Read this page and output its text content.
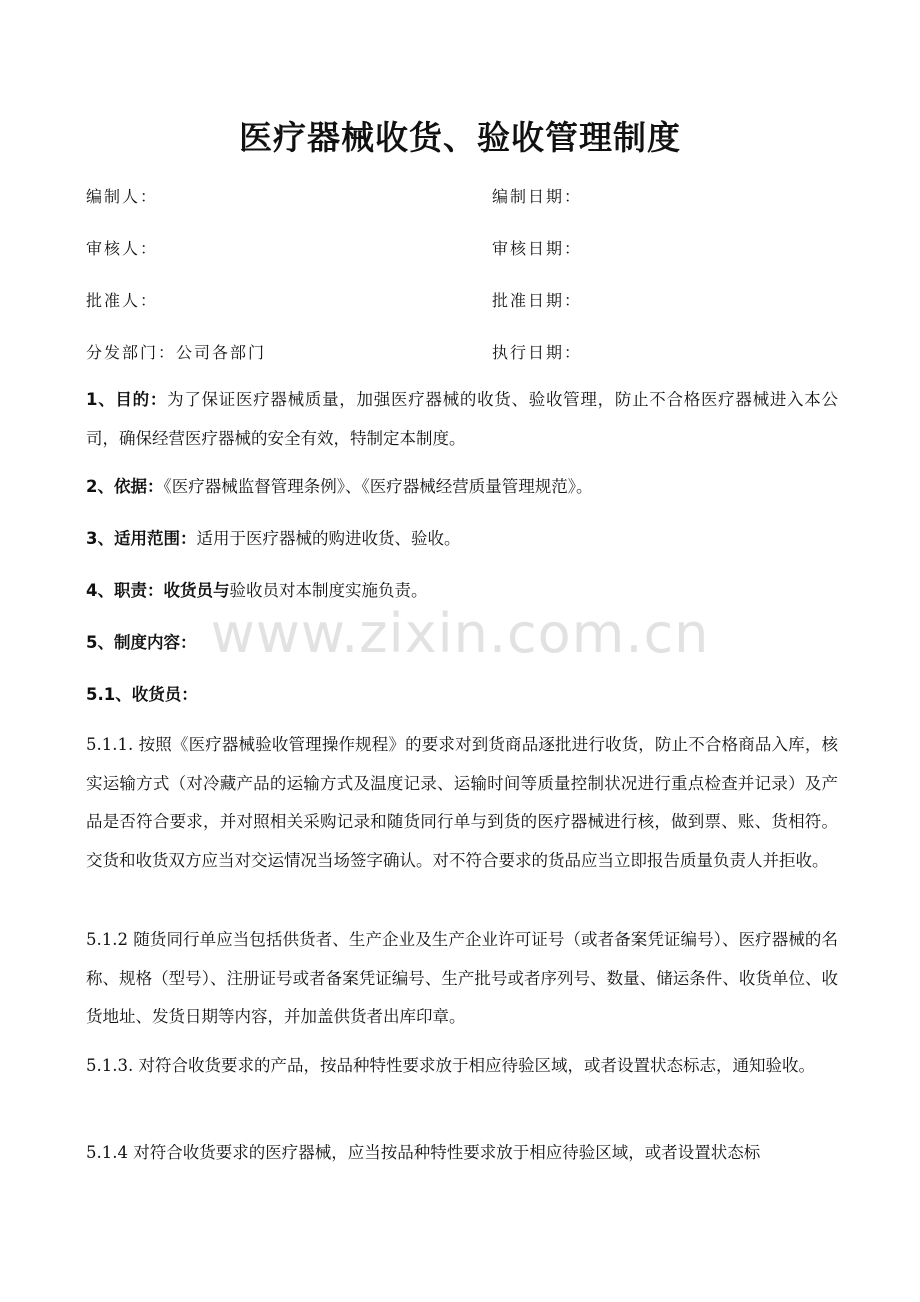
医疗器械收货、验收管理制度
编制人：	编制日期：
审核人：	审核日期：
批准人：	批准日期：
分发部门：公司各部门	执行日期：

1、目的：为了保证医疗器械质量，加强医疗器械的收货、验收管理，防止不合格医疗器械进入本公司，确保经营医疗器械的安全有效，特制定本制度。

2、依据：《医疗器械监督管理条例》、《医疗器械经营质量管理规范》。

3、适用范围：适用于医疗器械的购进收货、验收。

4、职责：收货员与验收员对本制度实施负责。

5、制度内容：

5.1、收货员：

5.1.1. 按照《医疗器械验收管理操作规程》的要求对到货商品逐批进行收货，防止不合格商品入库，核实运输方式（对冷藏产品的运输方式及温度记录、运输时间等质量控制状况进行重点检查并记录）及产品是否符合要求，并对照相关采购记录和随货同行单与到货的医疗器械进行核，做到票、账、货相符。交货和收货双方应当对交运情况当场签字确认。对不符合要求的货品应当立即报告质量负责人并拒收。

5.1.2 随货同行单应当包括供货者、生产企业及生产企业许可证号（或者备案凭证编号）、医疗器械的名称、规格（型号）、注册证号或者备案凭证编号、生产批号或者序列号、数量、储运条件、收货单位、收货地址、发货日期等内容，并加盖供货者出库印章。

5.1.3. 对符合收货要求的产品，按品种特性要求放于相应待验区域，或者设置状态标志，通知验收。

5.1.4 对符合收货要求的医疗器械，应当按品种特性要求放于相应待验区域，或者设置状态标

www.zixin.com.cn
